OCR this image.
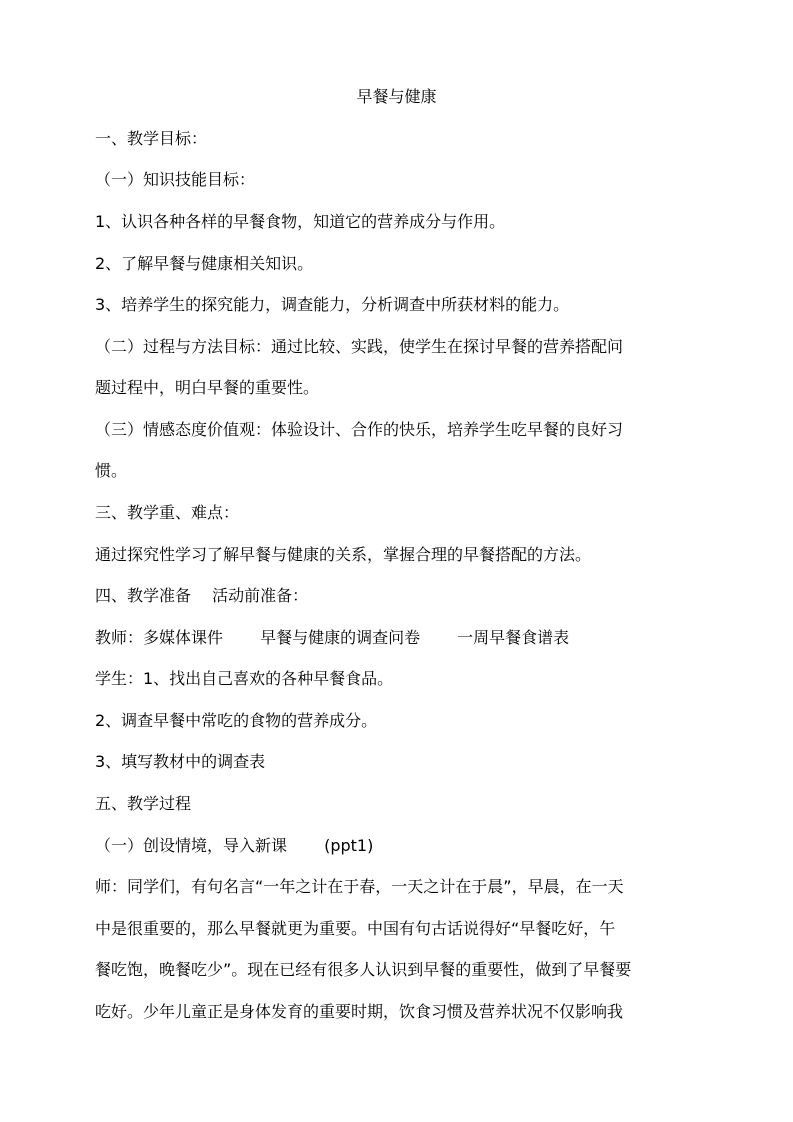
早餐与健康
一、教学目标：
（一）知识技能目标：
1、认识各种各样的早餐食物，知道它的营养成分与作用。
2、了解早餐与健康相关知识。
3、培养学生的探究能力，调查能力，分析调查中所获材料的能力。
（二）过程与方法目标：通过比较、实践，使学生在探讨早餐的营养搭配问
题过程中，明白早餐的重要性。
（三）情感态度价值观：体验设计、合作的快乐，培养学生吃早餐的良好习
惯。
三、教学重、难点：
通过探究性学习了解早餐与健康的关系，掌握合理的早餐搭配的方法。
四、教学准备　 活动前准备：
教师：多媒体课件　　 早餐与健康的调查问卷　　 一周早餐食谱表
学生：1、找出自己喜欢的各种早餐食品。
2、调查早餐中常吃的食物的营养成分。
3、填写教材中的调查表
五、教学过程
（一）创设情境，导入新课　　 (ppt1)
师：同学们，有句名言“一年之计在于春，一天之计在于晨”，早晨，在一天
中是很重要的，那么早餐就更为重要。中国有句古话说得好“早餐吃好，午
餐吃饱，晚餐吃少”。现在已经有很多人认识到早餐的重要性，做到了早餐要
吃好。少年儿童正是身体发育的重要时期，饮食习惯及营养状况不仅影响我
